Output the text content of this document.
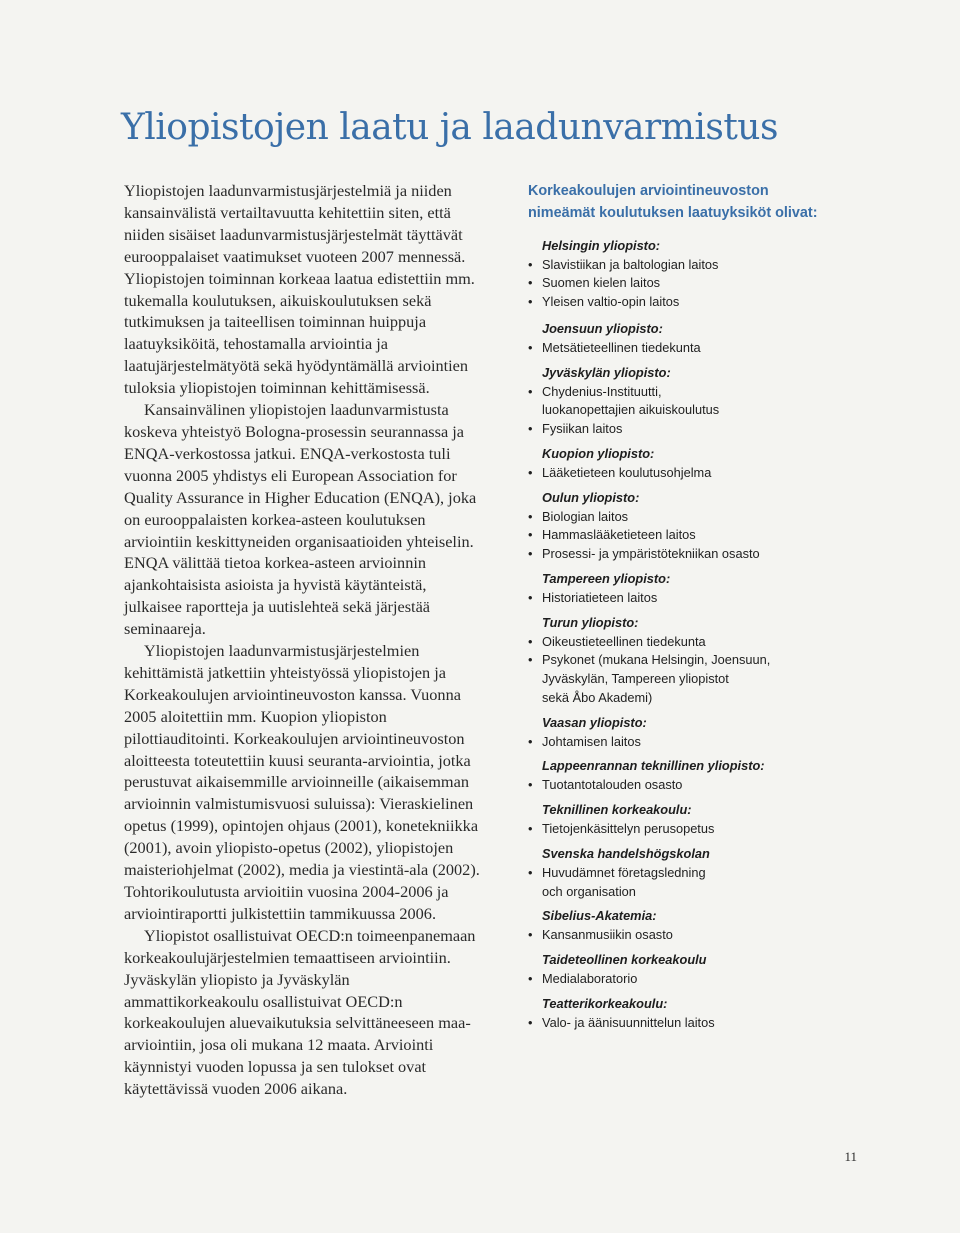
Yliopistojen laatu ja laadunvarmistus

Yliopistojen laadunvarmistusjärjestelmiä ja niiden kansainvälistä vertailtavuutta kehitettiin siten, että niiden sisäiset laadunvarmistusjärjestelmät täyttävät eurooppalaiset vaatimukset vuoteen 2007 mennessä. Yliopistojen toiminnan korkeaa laatua edistettiin mm. tukemalla koulutuksen, aikuiskoulutuksen sekä tutkimuksen ja taiteellisen toiminnan huippuja laatuyksiköitä, tehostamalla arviointia ja laatujärjestelmätyötä sekä hyödyntämällä arviointien tuloksia yliopistojen toiminnan kehittämisessä.

Kansainvälinen yliopistojen laadunvarmistusta koskeva yhteistyö Bologna-prosessin seurannassa ja ENQA-verkostossa jatkui. ENQA-verkostosta tuli vuonna 2005 yhdistys eli European Association for Quality Assurance in Higher Education (ENQA), joka on eurooppalaisten korkea-asteen koulutuksen arviointiin keskittyneiden organisaatioiden yhteiselin. ENQA välittää tietoa korkea-asteen arvioinnin ajankohtaisista asioista ja hyvistä käytänteistä, julkaisee raportteja ja uutislehteä sekä järjestää seminaareja.

Yliopistojen laadunvarmistusjärjestelmien kehittämistä jatkettiin yhteistyössä yliopistojen ja Korkeakoulujen arviointineuvoston kanssa. Vuonna 2005 aloitettiin mm. Kuopion yliopiston pilottiauditointi. Korkeakoulujen arviointineuvoston aloitteesta toteutettiin kuusi seuranta-arviointia, jotka perustuvat aikaisemmille arvioinneille (aikaisemman arvioinnin valmistumisvuosi suluissa): Vieraskielinen opetus (1999), opintojen ohjaus (2001), konetekniikka (2001), avoin yliopisto-opetus (2002), yliopistojen maisteriohjelmat (2002), media ja viestintä-ala (2002). Tohtorikoulutusta arvioitiin vuosina 2004-2006 ja arviointiraportti julkistettiin tammikuussa 2006.

Yliopistot osallistuivat OECD:n toimeenpanemaan korkeakoulujärjestelmien temaattiseen arviointiin. Jyväskylän yliopisto ja Jyväskylän ammattikorkeakoulu osallistuivat OECD:n korkeakoulujen aluevaikutuksia selvittäneeseen maa-arviointiin, josa oli mukana 12 maata. Arviointi käynnistyi vuoden lopussa ja sen tulokset ovat käytettävissä vuoden 2006 aikana.

Korkeakoulujen arviointineuvoston
nimeämät koulutuksen laatuyksiköt olivat:

Helsingin yliopisto:

• Slavistiikan ja baltologian laitos
• Suomen kielen laitos
• Yleisen valtio-opin laitos

Joensuun yliopisto:

• Metsätieteellinen tiedekunta

Jyväskylän yliopisto:

• Chydenius-Instituutti,
luokanopettajien aikuiskoulutus
• Fysiikan laitos

Kuopion yliopisto:

• Lääketieteen koulutusohjelma

Oulun yliopisto:

• Biologian laitos
• Hammaslääketieteen laitos
• Prosessi- ja ympäristötekniikan osasto

Tampereen yliopisto:

• Historiatieteen laitos

Turun yliopisto:

• Oikeustieteellinen tiedekunta
• Psykonet (mukana Helsingin, Joensuun,
Jyväskylän, Tampereen yliopistot
sekä Åbo Akademi)

Vaasan yliopisto:

• Johtamisen laitos

Lappeenrannan teknillinen yliopisto:

• Tuotantotalouden osasto

Teknillinen korkeakoulu:

• Tietojenkäsittelyn perusopetus

Svenska handelshögskolan

• Huvudämnet företagsledning
och organisation

Sibelius-Akatemia:

• Kansanmusiikin osasto

Taideteollinen korkeakoulu

• Medialaboratorio

Teatterikorkeakoulu:

• Valo- ja äänisuunnittelun laitos
11
